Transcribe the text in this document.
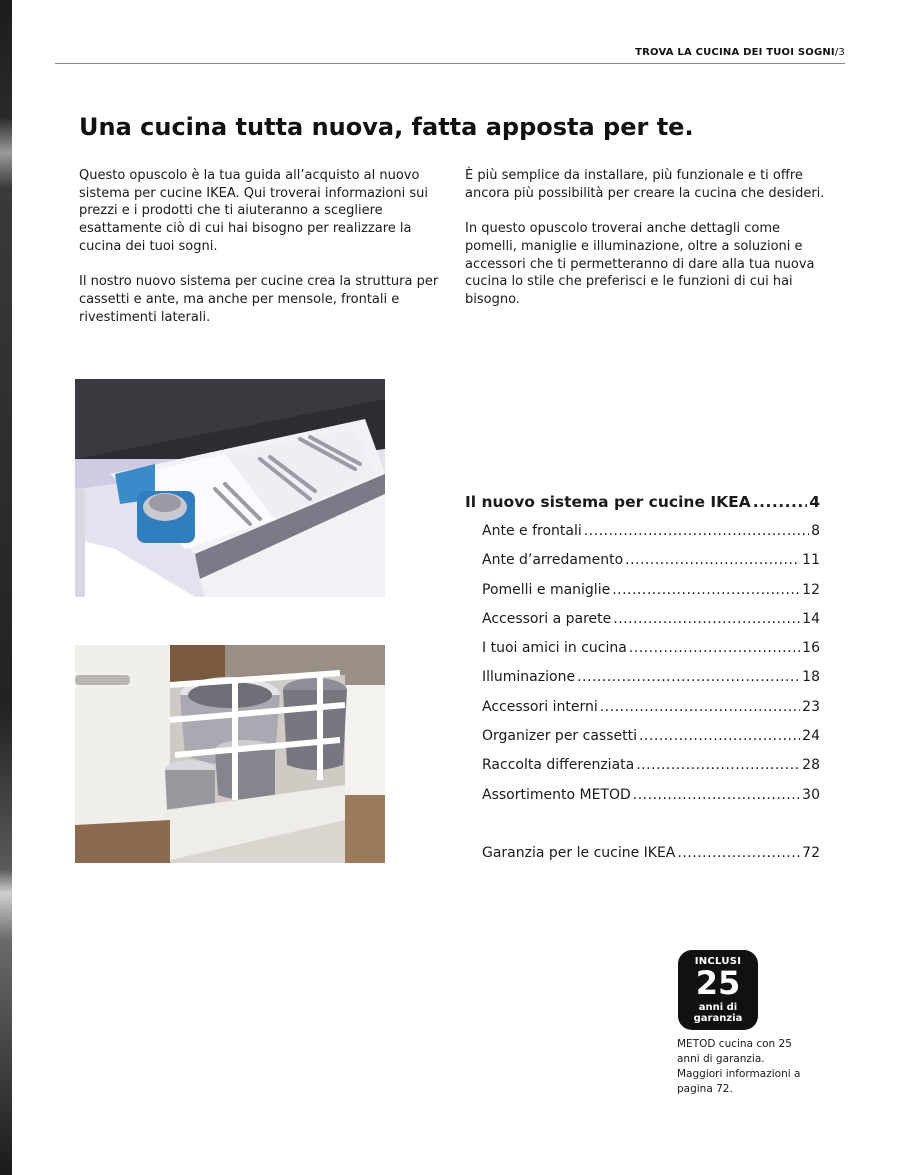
TROVA LA CUCINA DEI TUOI SOGNI/3
Una cucina tutta nuova, fatta apposta per te.

Questo opuscolo è la tua guida all’acquisto al nuovo sistema per cucine IKEA. Qui troverai informazioni sui prezzi e i prodotti che ti aiuteranno a scegliere esattamente ciò di cui hai bisogno per realizzare la cucina dei tuoi sogni.

Il nostro nuovo sistema per cucine crea la struttura per cassetti e ante, ma anche per mensole, frontali e rivestimenti laterali.

È più semplice da installare, più funzionale e ti offre ancora più possibilità per creare la cucina che desideri.

In questo opuscolo troverai anche dettagli come pomelli, maniglie e illuminazione, oltre a soluzioni e accessori che ti permetteranno di dare alla tua nuova cucina lo stile che preferisci e le funzioni di cui hai bisogno.

Il nuovo sistema per cucine IKEA .....	4
Ante e frontali .....	8
Ante d’arredamento .....	11
Pomelli e maniglie .....	12
Accessori a parete .....	14
I tuoi amici in cucina .....	16
Illuminazione .....	18
Accessori interni .....	23
Organizer per cassetti .....	24
Raccolta differenziata .....	28
Assortimento METOD .....	30
Garanzia per le cucine IKEA .....	72
INCLUSI
25
anni di
garanzia
METOD cucina con 25 anni di garanzia. Maggiori informazioni a pagina 72.
